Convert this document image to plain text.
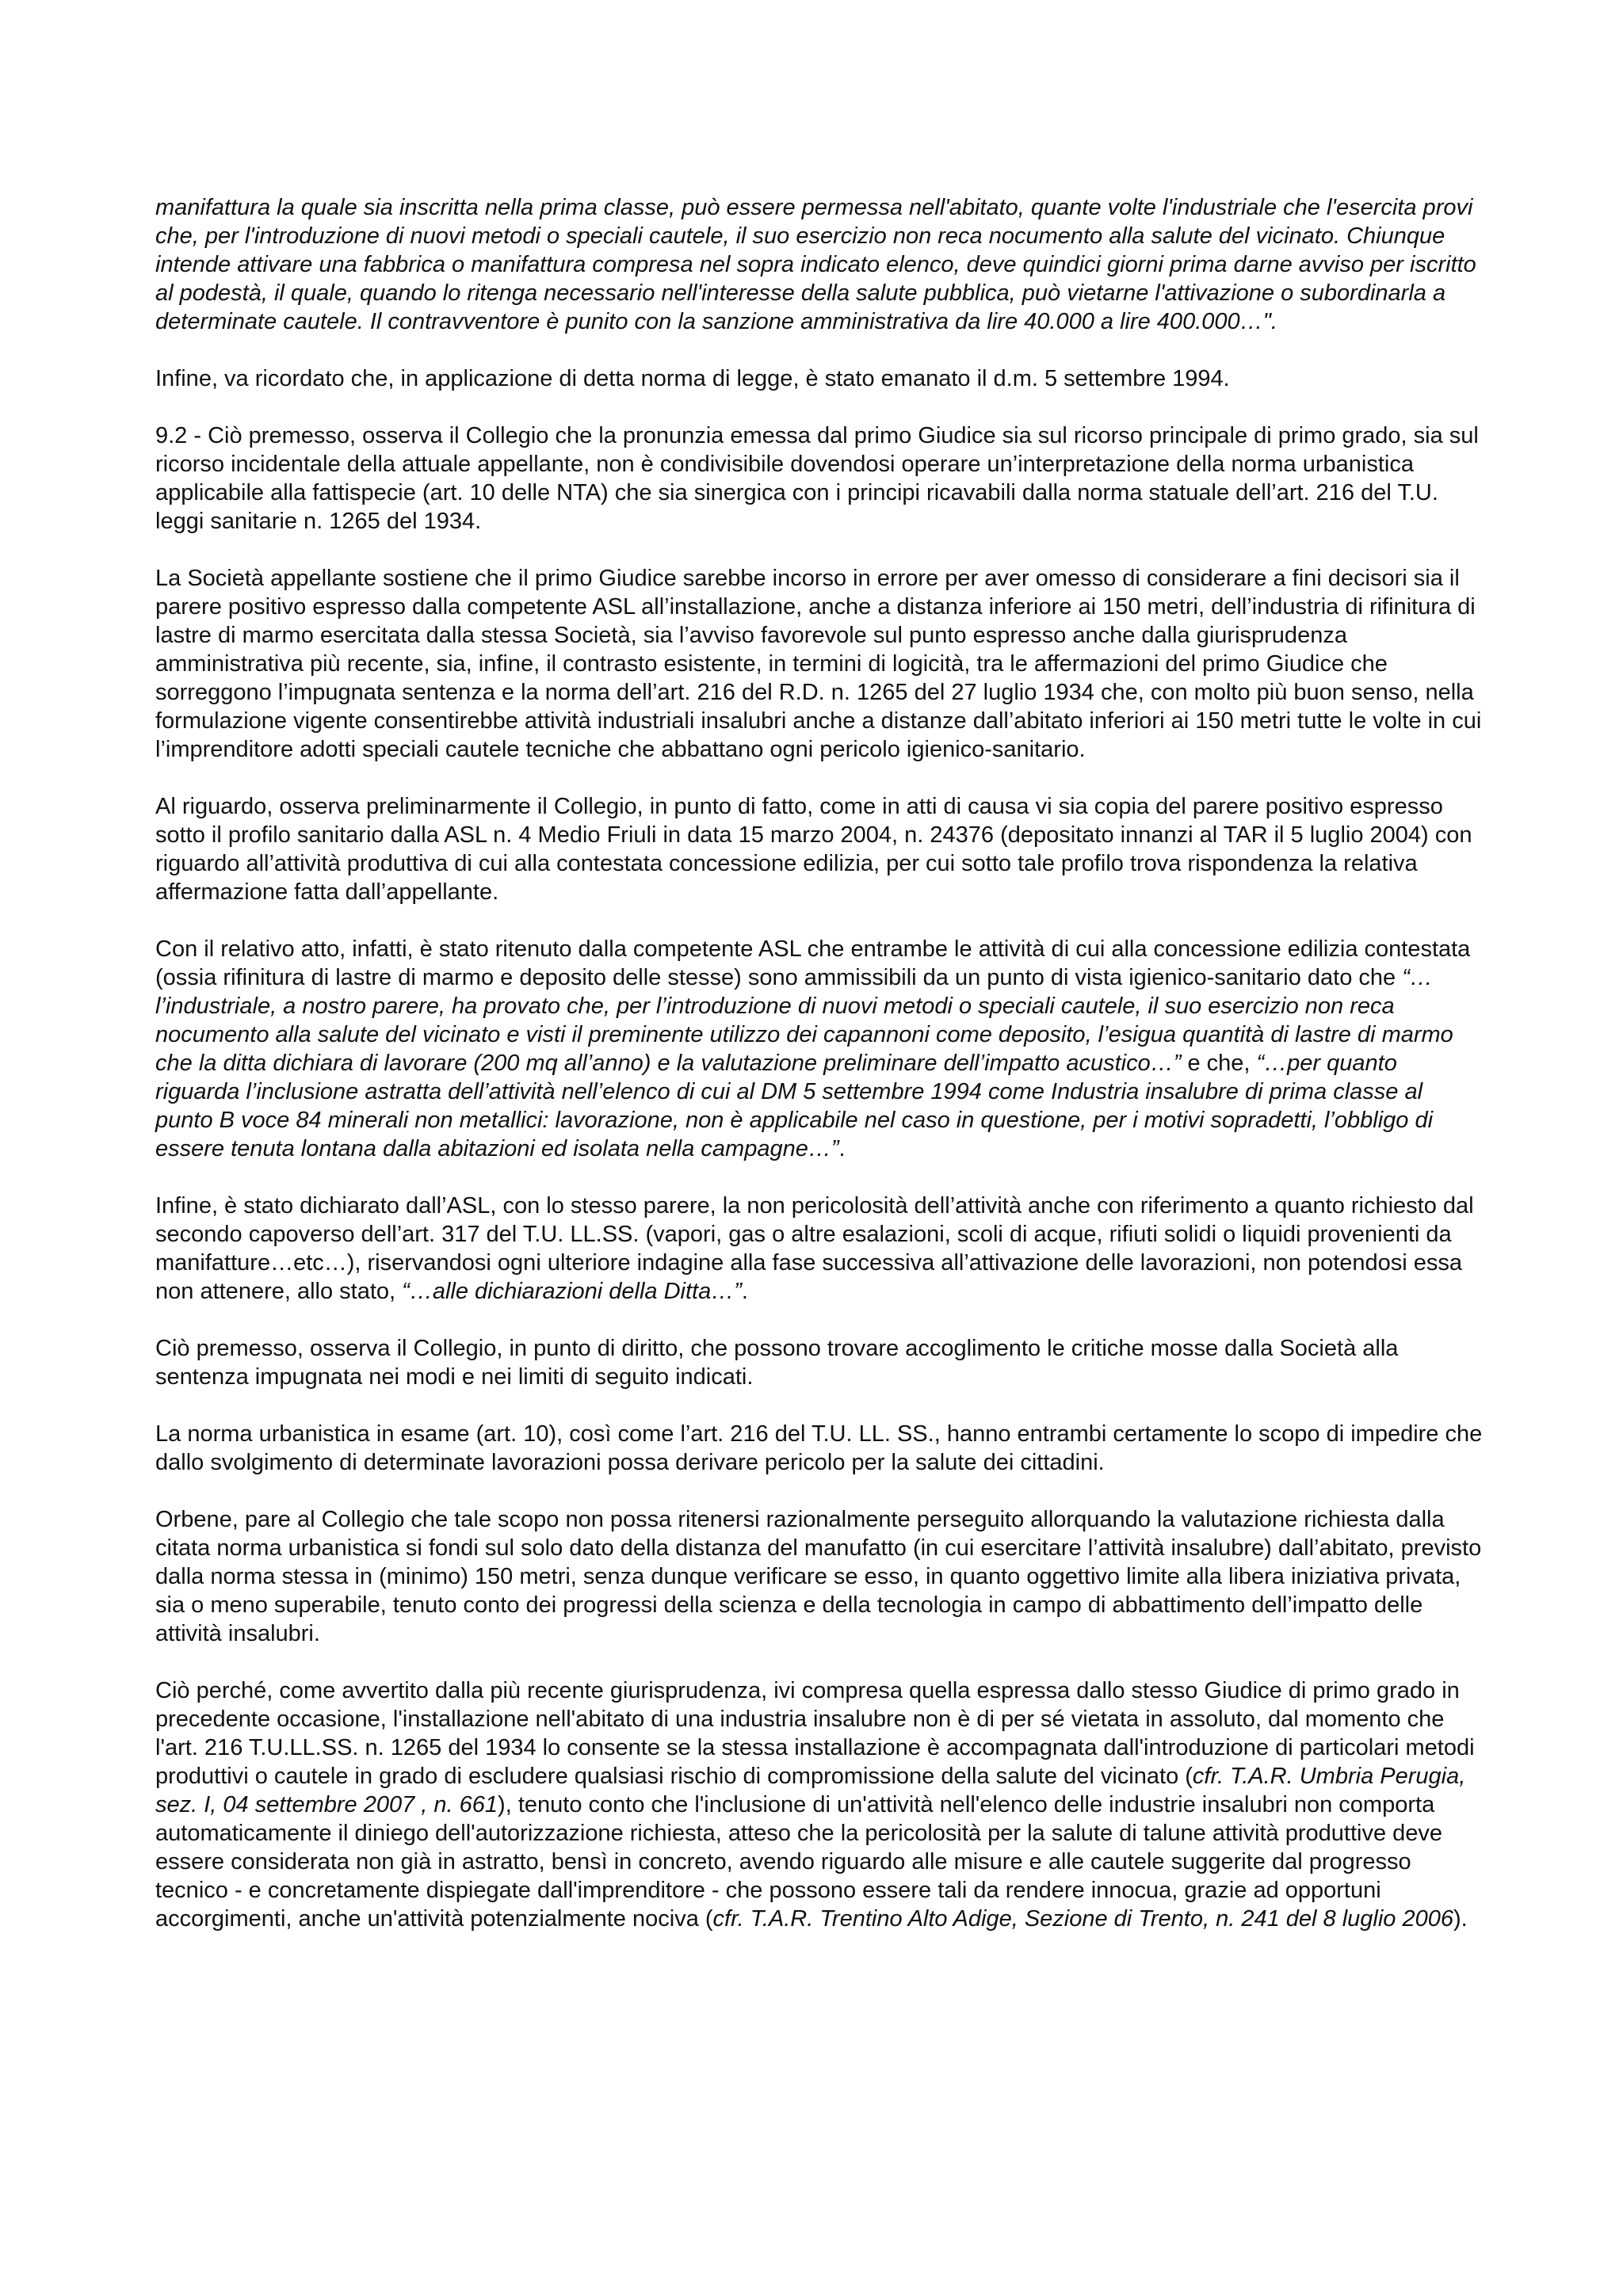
manifattura la quale sia inscritta nella prima classe, può essere permessa nell'abitato, quante volte l'industriale che l'esercita provi che, per l'introduzione di nuovi metodi o speciali cautele, il suo esercizio non reca nocumento alla salute del vicinato. Chiunque intende attivare una fabbrica o manifattura compresa nel sopra indicato elenco, deve quindici giorni prima darne avviso per iscritto al podestà, il quale, quando lo ritenga necessario nell'interesse della salute pubblica, può vietarne l'attivazione o subordinarla a determinate cautele. Il contravventore è punito con la sanzione amministrativa da lire 40.000 a lire 400.000…".

Infine, va ricordato che, in applicazione di detta norma di legge, è stato emanato il d.m. 5 settembre 1994.

9.2 - Ciò premesso, osserva il Collegio che la pronunzia emessa dal primo Giudice sia sul ricorso principale di primo grado, sia sul ricorso incidentale della attuale appellante, non è condivisibile dovendosi operare un’interpretazione della norma urbanistica applicabile alla fattispecie (art. 10 delle NTA) che sia sinergica con i principi ricavabili dalla norma statuale dell’art. 216 del T.U. leggi sanitarie n. 1265 del 1934.

La Società appellante sostiene che il primo Giudice sarebbe incorso in errore per aver omesso di considerare a fini decisori sia il parere positivo espresso dalla competente ASL all’installazione, anche a distanza inferiore ai 150 metri, dell’industria di rifinitura di lastre di marmo esercitata dalla stessa Società, sia l’avviso favorevole sul punto espresso anche dalla giurisprudenza amministrativa più recente, sia, infine, il contrasto esistente, in termini di logicità, tra le affermazioni del primo Giudice che sorreggono l’impugnata sentenza e la norma dell’art. 216 del R.D. n. 1265 del 27 luglio 1934 che, con molto più buon senso, nella formulazione vigente consentirebbe attività industriali insalubri anche a distanze dall’abitato inferiori ai 150 metri tutte le volte in cui l’imprenditore adotti speciali cautele tecniche che abbattano ogni pericolo igienico-sanitario.

Al riguardo, osserva preliminarmente il Collegio, in punto di fatto, come in atti di causa vi sia copia del parere positivo espresso sotto il profilo sanitario dalla ASL n. 4 Medio Friuli in data 15 marzo 2004, n. 24376 (depositato innanzi al TAR il 5 luglio 2004) con riguardo all’attività produttiva di cui alla contestata concessione edilizia, per cui sotto tale profilo trova rispondenza la relativa affermazione fatta dall’appellante.

Con il relativo atto, infatti, è stato ritenuto dalla competente ASL che entrambe le attività di cui alla concessione edilizia contestata (ossia rifinitura di lastre di marmo e deposito delle stesse) sono ammissibili da un punto di vista igienico-sanitario dato che “…l’industriale, a nostro parere, ha provato che, per l’introduzione di nuovi metodi o speciali cautele, il suo esercizio non reca nocumento alla salute del vicinato e visti il preminente utilizzo dei capannoni come deposito, l’esigua quantità di lastre di marmo che la ditta dichiara di lavorare (200 mq all’anno) e la valutazione preliminare dell’impatto acustico…” e che, “…per quanto riguarda l’inclusione astratta dell’attività nell’elenco di cui al DM 5 settembre 1994 come Industria insalubre di prima classe al punto B voce 84 minerali non metallici: lavorazione, non è applicabile nel caso in questione, per i motivi sopradetti, l’obbligo di essere tenuta lontana dalla abitazioni ed isolata nella campagne…”.

Infine, è stato dichiarato dall’ASL, con lo stesso parere, la non pericolosità dell’attività anche con riferimento a quanto richiesto dal secondo capoverso dell’art. 317 del T.U. LL.SS. (vapori, gas o altre esalazioni, scoli di acque, rifiuti solidi o liquidi provenienti da manifatture…etc…), riservandosi ogni ulteriore indagine alla fase successiva all’attivazione delle lavorazioni, non potendosi essa non attenere, allo stato, “…alle dichiarazioni della Ditta…”.

Ciò premesso, osserva il Collegio, in punto di diritto, che possono trovare accoglimento le critiche mosse dalla Società alla sentenza impugnata nei modi e nei limiti di seguito indicati.

La norma urbanistica in esame (art. 10), così come l’art. 216 del T.U. LL. SS., hanno entrambi certamente lo scopo di impedire che dallo svolgimento di determinate lavorazioni possa derivare pericolo per la salute dei cittadini.

Orbene, pare al Collegio che tale scopo non possa ritenersi razionalmente perseguito allorquando la valutazione richiesta dalla citata norma urbanistica si fondi sul solo dato della distanza del manufatto (in cui esercitare l’attività insalubre) dall’abitato, previsto dalla norma stessa in (minimo) 150 metri, senza dunque verificare se esso, in quanto oggettivo limite alla libera iniziativa privata, sia o meno superabile, tenuto conto dei progressi della scienza e della tecnologia in campo di abbattimento dell’impatto delle attività insalubri.

Ciò perché, come avvertito dalla più recente giurisprudenza, ivi compresa quella espressa dallo stesso Giudice di primo grado in precedente occasione, l'installazione nell'abitato di una industria insalubre non è di per sé vietata in assoluto, dal momento che l'art. 216 T.U.LL.SS. n. 1265 del 1934 lo consente se la stessa installazione è accompagnata dall'introduzione di particolari metodi produttivi o cautele in grado di escludere qualsiasi rischio di compromissione della salute del vicinato (cfr. T.A.R. Umbria Perugia, sez. I, 04 settembre 2007 , n. 661), tenuto conto che l'inclusione di un'attività nell'elenco delle industrie insalubri non comporta automaticamente il diniego dell'autorizzazione richiesta, atteso che la pericolosità per la salute di talune attività produttive deve essere considerata non già in astratto, bensì in concreto, avendo riguardo alle misure e alle cautele suggerite dal progresso tecnico - e concretamente dispiegate dall'imprenditore - che possono essere tali da rendere innocua, grazie ad opportuni accorgimenti, anche un'attività potenzialmente nociva (cfr. T.A.R. Trentino Alto Adige, Sezione di Trento, n. 241 del 8 luglio 2006).
